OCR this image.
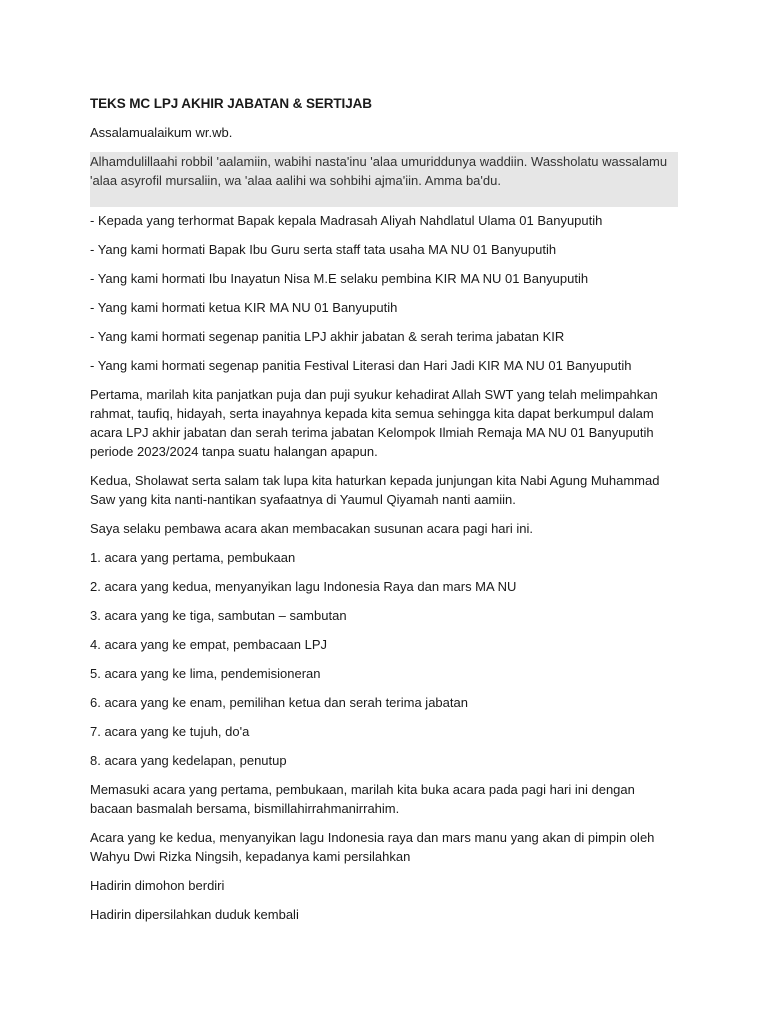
TEKS MC LPJ AKHIR JABATAN & SERTIJAB
Assalamualaikum wr.wb.
Alhamdulillaahi robbil 'aalamiin, wabihi nasta'inu 'alaa umuriddunya waddiin. Wassholatu wassalamu 'alaa asyrofil mursaliin, wa 'alaa aalihi wa sohbihi ajma'iin. Amma ba'du.
- Kepada yang terhormat Bapak kepala Madrasah Aliyah Nahdlatul Ulama 01 Banyuputih
- Yang kami hormati Bapak Ibu Guru serta staff tata usaha MA NU 01 Banyuputih
- Yang kami hormati Ibu Inayatun Nisa M.E selaku pembina KIR MA NU 01 Banyuputih
- Yang kami hormati ketua KIR MA NU 01 Banyuputih
- Yang kami hormati segenap panitia LPJ akhir jabatan & serah terima jabatan KIR
- Yang kami hormati segenap panitia Festival Literasi dan Hari Jadi KIR MA NU 01 Banyuputih
Pertama, marilah kita panjatkan puja dan puji syukur kehadirat Allah SWT yang telah melimpahkan rahmat, taufiq, hidayah, serta inayahnya kepada kita semua sehingga kita dapat berkumpul dalam acara LPJ akhir jabatan dan serah terima jabatan Kelompok Ilmiah Remaja MA NU 01 Banyuputih periode 2023/2024 tanpa suatu halangan apapun.
Kedua, Sholawat serta salam tak lupa kita haturkan kepada junjungan kita Nabi Agung Muhammad Saw yang kita nanti-nantikan syafaatnya di Yaumul Qiyamah nanti aamiin.
Saya selaku pembawa acara akan membacakan susunan acara pagi hari ini.
1. acara yang pertama, pembukaan
2. acara yang kedua, menyanyikan lagu Indonesia Raya dan mars MA NU
3. acara yang ke tiga, sambutan – sambutan
4. acara yang ke empat, pembacaan LPJ
5. acara yang ke lima, pendemisioneran
6. acara yang ke enam, pemilihan ketua dan serah terima jabatan
7. acara yang ke tujuh, do'a
8. acara yang kedelapan, penutup
Memasuki acara yang pertama, pembukaan, marilah kita buka acara pada pagi hari ini dengan bacaan basmalah bersama, bismillahirrahmanirrahim.
Acara yang ke kedua, menyanyikan lagu Indonesia raya dan mars manu yang akan di pimpin oleh Wahyu Dwi Rizka Ningsih, kepadanya kami persilahkan
Hadirin dimohon berdiri
Hadirin dipersilahkan duduk kembali
